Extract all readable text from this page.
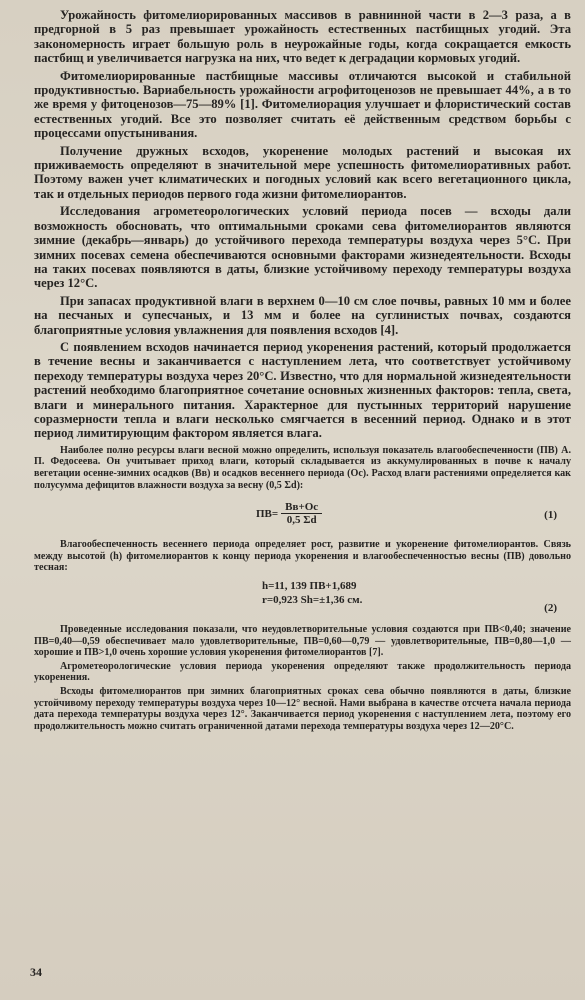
Урожайность фитомелиорированных массивов в равнинной части в 2—3 раза, а в предгорной в 5 раз превышает урожайность естественных пастбищных угодий. Эта закономерность играет большую роль в неурожайные годы, когда сокращается емкость пастбищ и увеличивается нагрузка на них, что ведет к деградации кормовых угодий.

Фитомелиорированные пастбищные массивы отличаются высокой и стабильной продуктивностью. Вариабельность урожайности агрофитоценозов не превышает 44%, а в то же время у фитоценозов—75—89% [1]. Фитомелиорация улучшает и флористический состав естественных угодий. Все это позволяет считать её действенным средством борьбы с процессами опустынивания.

Получение дружных всходов, укоренение молодых растений и высокая их приживаемость определяют в значительной мере успешность фитомелиоративных работ. Поэтому важен учет климатических и погодных условий как всего вегетационного цикла, так и отдельных периодов первого года жизни фитомелиорантов.

Исследования агрометеорологических условий периода посев — всходы дали возможность обосновать, что оптимальными сроками сева фитомелиорантов являются зимние (декабрь—январь) до устойчивого перехода температуры воздуха через 5°С. При зимних посевах семена обеспечиваются основными факторами жизнедеятельности. Всходы на таких посевах появляются в даты, близкие устойчивому переходу температуры воздуха через 12°С.

При запасах продуктивной влаги в верхнем 0—10 см слое почвы, равных 10 мм и более на песчаных и супесчаных, и 13 мм и более на суглинистых почвах, создаются благоприятные условия увлажнения для появления всходов [4].

С появлением всходов начинается период укоренения растений, который продолжается в течение весны и заканчивается с наступлением лета, что соответствует устойчивому переходу температуры воздуха через 20°С. Известно, что для нормальной жизнедеятельности растений необходимо благоприятное сочетание основных жизненных факторов: тепла, света, влаги и минерального питания. Характерное для пустынных территорий нарушение соразмерности тепла и влаги несколько смягчается в весенний период. Однако и в этот период лимитирующим фактором является влага.

Наиболее полно ресурсы влаги весной можно определить, используя показатель влагообеспеченности (ПВ) А. П. Федосеева. Он учитывает приход влаги, который складывается из аккумулированных в почве к началу вегетации осенне-зимних осадков (Вв) и осадков весеннего периода (Ос). Расход влаги растениями определяется как полусумма дефицитов влажности воздуха за весну (0,5 Σd):

$ПВ= \frac{Вв+Ос}{0,5 \Sigma d}$	(1)

Влагообеспеченность весеннего периода определяет рост, развитие и укоренение фитомелиорантов. Связь между высотой (h) фитомелиорантов к концу периода укоренения и влагообеспеченностью весны (ПВ) довольно тесная:

h=11, 139 ПВ+1,689
r=0,923 Sh=±1,36 см.
(2)

Проведенные исследования показали, что неудовлетворительные условия создаются при ПВ<0,40; значение ПВ=0,40—0,59 обеспечивает мало удовлетворительные, ПВ=0,60—0,79 — удовлетворительные, ПВ=0,80—1,0 — хорошие и ПВ>1,0 очень хорошие условия укоренения фитомелиорантов [7].

Агрометеорологические условия периода укоренения определяют также продолжительность периода укоренения.

Всходы фитомелиорантов при зимних благоприятных сроках сева обычно появляются в даты, близкие устойчивому переходу температуры воздуха через 10—12° весной. Нами выбрана в качестве отсчета начала периода дата перехода температуры воздуха через 12°. Заканчивается период укоренения с наступлением лета, поэтому его продолжительность можно считать ограниченной датами перехода температуры воздуха через 12—20°С.

34
